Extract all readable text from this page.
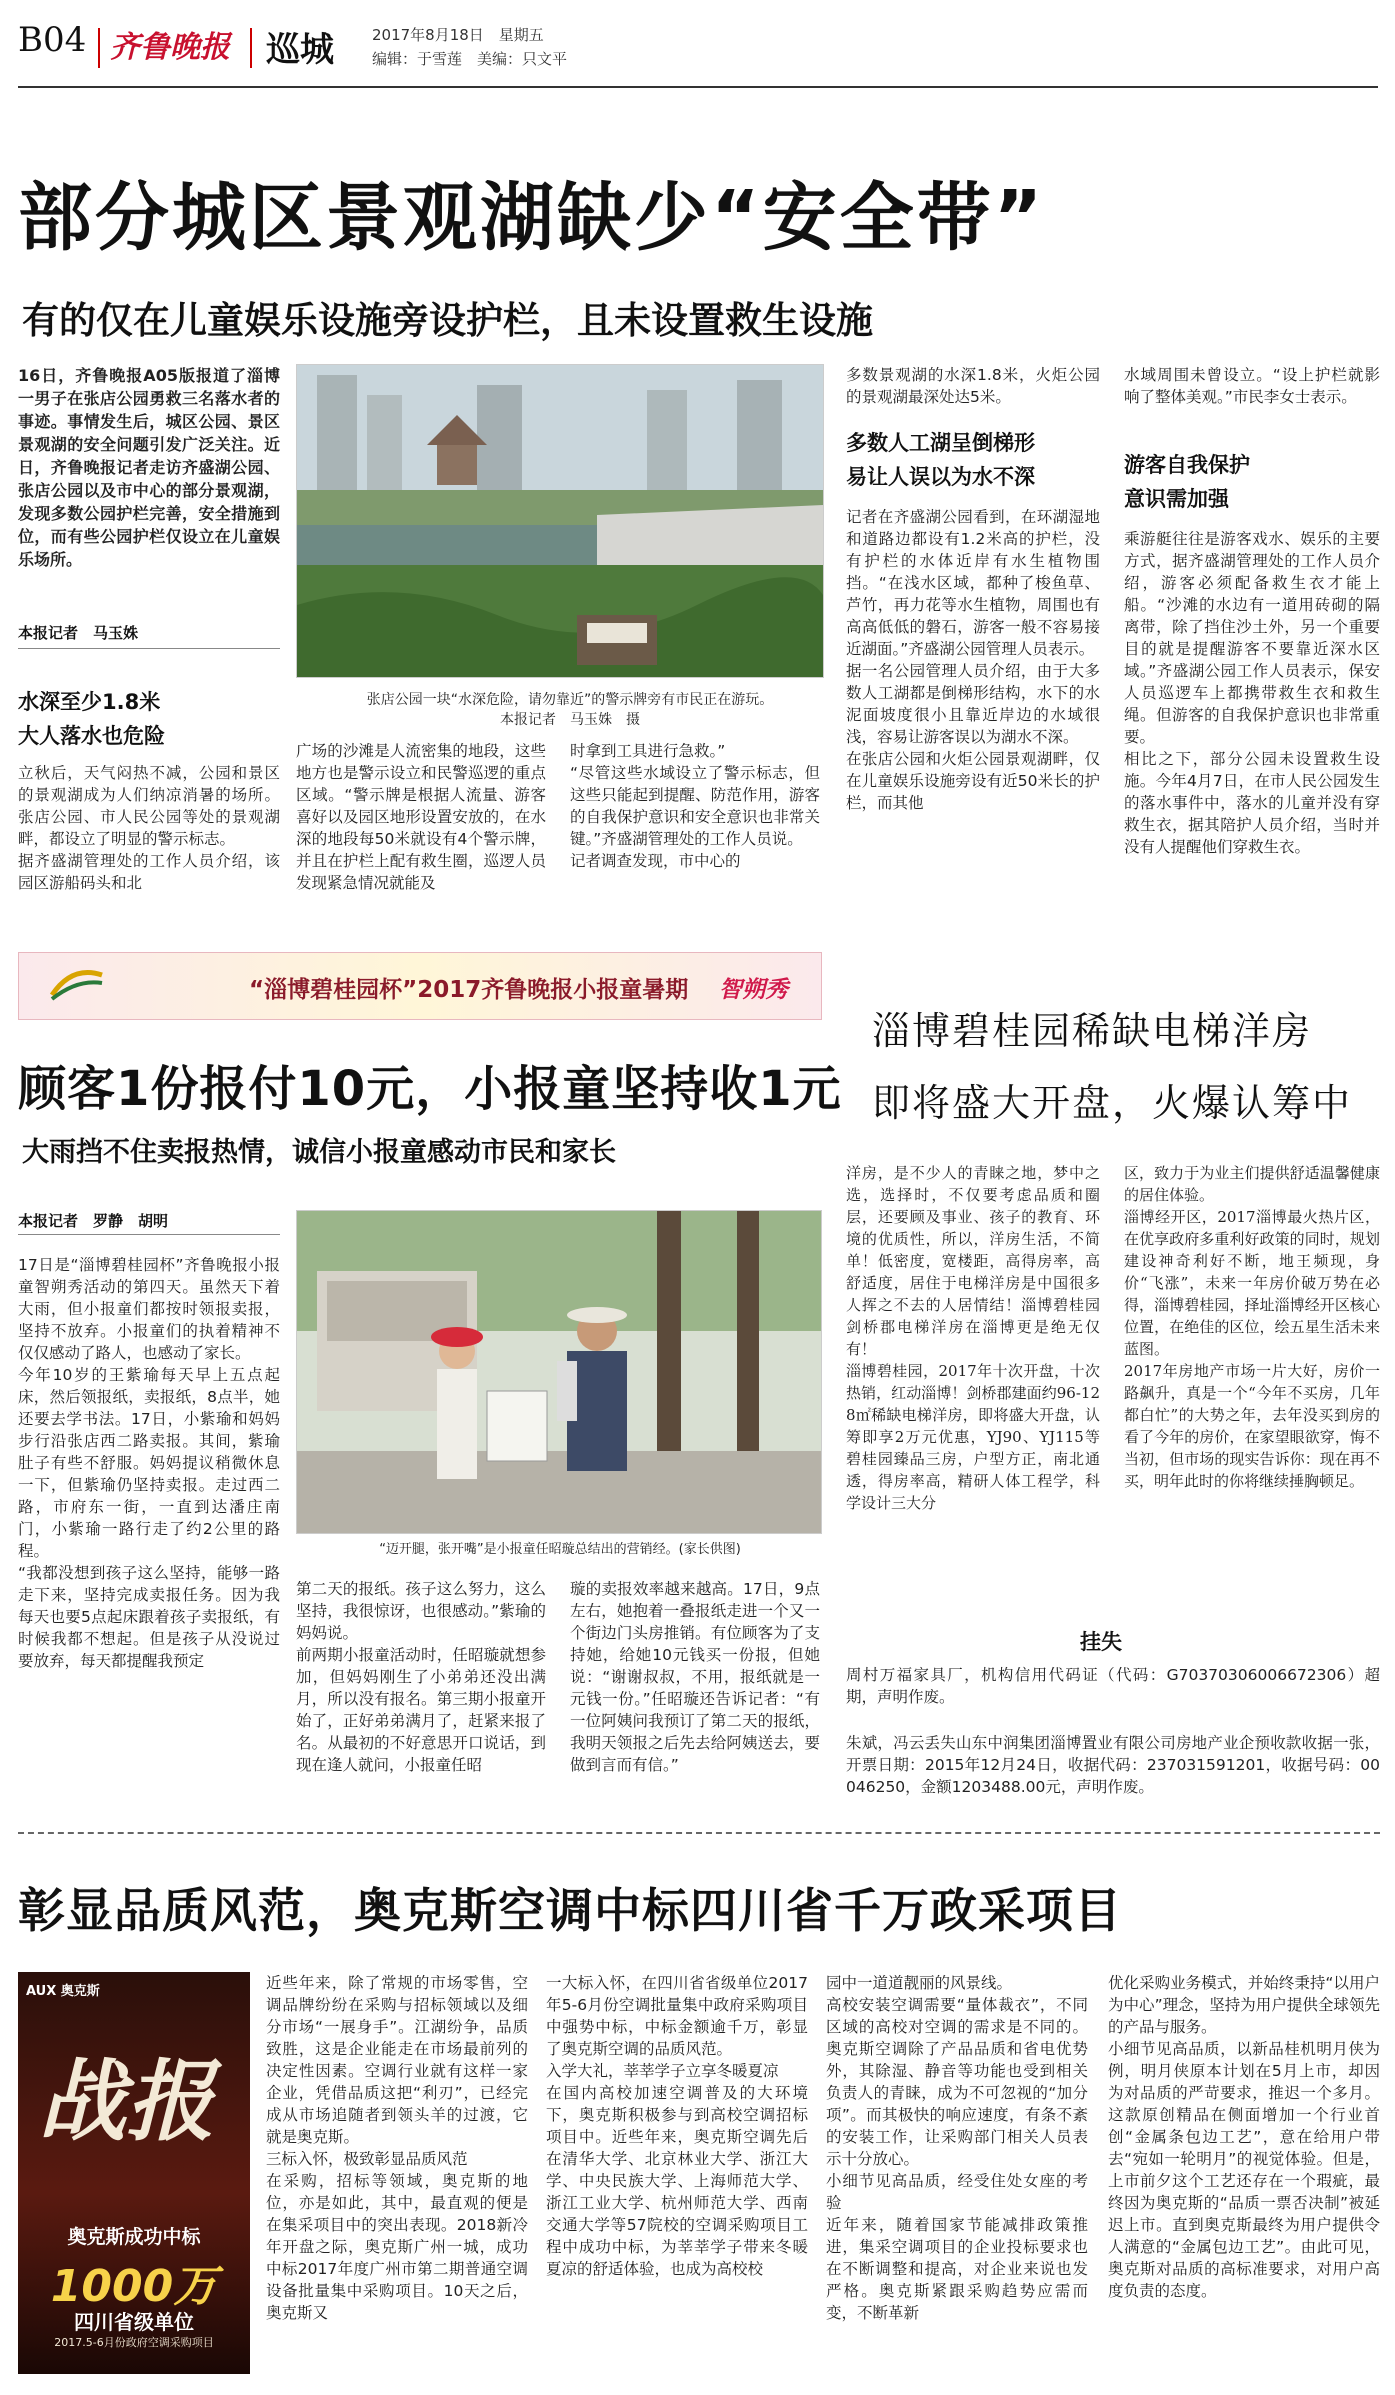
B04 齐鲁晚报 巡城	2017年8月18日　星期五
编辑：于雪莲　美编：只文平
部分城区景观湖缺少“安全带”
有的仅在儿童娱乐设施旁设护栏，且未设置救生设施
16日，齐鲁晚报A05版报道了淄博一男子在张店公园勇救三名落水者的事迹。事情发生后，城区公园、景区景观湖的安全问题引发广泛关注。近日，齐鲁晚报记者走访齐盛湖公园、张店公园以及市中心的部分景观湖，发现多数公园护栏完善，安全措施到位，而有些公园护栏仅设立在儿童娱乐场所。
本报记者　马玉姝
水深至少1.8米
大人落水也危险
立秋后，天气闷热不减，公园和景区的景观湖成为人们纳凉消暑的场所。张店公园、市人民公园等处的景观湖畔，都设立了明显的警示标志。
据齐盛湖管理处的工作人员介绍，该园区游船码头和北
张店公园一块“水深危险，请勿靠近”的警示牌旁有市民正在游玩。
本报记者　马玉姝　摄
广场的沙滩是人流密集的地段，这些地方也是警示设立和民警巡逻的重点区域。“警示牌是根据人流量、游客喜好以及园区地形设置安放的，在水深的地段每50米就设有4个警示牌，并且在护栏上配有救生圈，巡逻人员发现紧急情况就能及
时拿到工具进行急救。”
“尽管这些水域设立了警示标志，但这些只能起到提醒、防范作用，游客的自我保护意识和安全意识也非常关键。”齐盛湖管理处的工作人员说。
记者调查发现，市中心的
多数景观湖的水深1.8米，火炬公园的景观湖最深处达5米。
多数人工湖呈倒梯形
易让人误以为水不深
记者在齐盛湖公园看到，在环湖湿地和道路边都设有1.2米高的护栏，没有护栏的水体近岸有水生植物围挡。“在浅水区域，都种了梭鱼草、芦竹，再力花等水生植物，周围也有高高低低的磐石，游客一般不容易接近湖面。”齐盛湖公园管理人员表示。
据一名公园管理人员介绍，由于大多数人工湖都是倒梯形结构，水下的水泥面坡度很小且靠近岸边的水域很浅，容易让游客误以为湖水不深。
在张店公园和火炬公园景观湖畔，仅在儿童娱乐设施旁设有近50米长的护栏，而其他
水域周围未曾设立。“设上护栏就影响了整体美观。”市民李女士表示。
游客自我保护
意识需加强
乘游艇往往是游客戏水、娱乐的主要方式，据齐盛湖管理处的工作人员介绍，游客必须配备救生衣才能上船。“沙滩的水边有一道用砖砌的隔离带，除了挡住沙土外，另一个重要目的就是提醒游客不要靠近深水区域。”齐盛湖公园工作人员表示，保安人员巡逻车上都携带救生衣和救生绳。但游客的自我保护意识也非常重要。
相比之下，部分公园未设置救生设施。今年4月7日，在市人民公园发生的落水事件中，落水的儿童并没有穿救生衣，据其陪护人员介绍，当时并没有人提醒他们穿救生衣。
“淄博碧桂园杯”2017齐鲁晚报小报童暑期 智朔秀
顾客1份报付10元，小报童坚持收1元
大雨挡不住卖报热情，诚信小报童感动市民和家长
本报记者　罗静　胡明
17日是“淄博碧桂园杯”齐鲁晚报小报童智朔秀活动的第四天。虽然天下着大雨，但小报童们都按时领报卖报，坚持不放弃。小报童们的执着精神不仅仅感动了路人，也感动了家长。
今年10岁的王紫瑜每天早上五点起床，然后领报纸，卖报纸，8点半，她还要去学书法。17日，小紫瑜和妈妈步行沿张店西二路卖报。其间，紫瑜肚子有些不舒服。妈妈提议稍微休息一下，但紫瑜仍坚持卖报。走过西二路，市府东一街，一直到达潘庄南门，小紫瑜一路行走了约2公里的路程。
“我都没想到孩子这么坚持，能够一路走下来，坚持完成卖报任务。因为我每天也要5点起床跟着孩子卖报纸，有时候我都不想起。但是孩子从没说过要放弃，每天都提醒我预定
“迈开腿，张开嘴”是小报童任昭璇总结出的营销经。(家长供图)
第二天的报纸。孩子这么努力，这么坚持，我很惊讶，也很感动。”紫瑜的妈妈说。
前两期小报童活动时，任昭璇就想参加，但妈妈刚生了小弟弟还没出满月，所以没有报名。第三期小报童开始了，正好弟弟满月了，赶紧来报了名。从最初的不好意思开口说话，到现在逢人就问，小报童任昭
璇的卖报效率越来越高。17日，9点左右，她抱着一叠报纸走进一个又一个街边门头房推销。有位顾客为了支持她，给她10元钱买一份报，但她说：“谢谢叔叔，不用，报纸就是一元钱一份。”任昭璇还告诉记者：“有一位阿姨问我预订了第二天的报纸，我明天领报之后先去给阿姨送去，要做到言而有信。”
淄博碧桂园稀缺电梯洋房
即将盛大开盘，火爆认筹中
洋房，是不少人的青睐之地，梦中之选，选择时，不仅要考虑品质和圈层，还要顾及事业、孩子的教育、环境的优质性，所以，洋房生活，不简单！低密度，宽楼距，高得房率，高舒适度，居住于电梯洋房是中国很多人挥之不去的人居情结！淄博碧桂园剑桥郡电梯洋房在淄博更是绝无仅有！
淄博碧桂园，2017年十次开盘，十次热销，红动淄博！剑桥郡建面约96-128㎡稀缺电梯洋房，即将盛大开盘，认筹即享2万元优惠，YJ90、YJ115等碧桂园臻品三房，户型方正，南北通透，得房率高，精研人体工程学，科学设计三大分
区，致力于为业主们提供舒适温馨健康的居住体验。
淄博经开区，2017淄博最火热片区，在优享政府多重利好政策的同时，规划建设神奇利好不断，地王频现，身价“飞涨”，未来一年房价破万势在必得，淄博碧桂园，择址淄博经开区核心位置，在绝佳的区位，绘五星生活未来蓝图。
2017年房地产市场一片大好，房价一路飙升，真是一个“今年不买房，几年都白忙”的大势之年，去年没买到房的看了今年的房价，在家望眼欲穿，悔不当初，但市场的现实告诉你：现在再不买，明年此时的你将继续捶胸顿足。
挂失
周村万福家具厂，机构信用代码证（代码：G70370306006672306）超期，声明作废。
朱斌，冯云丢失山东中润集团淄博置业有限公司房地产业企预收款收据一张，开票日期：2015年12月24日，收据代码：237031591201，收据号码：00046250，金额1203488.00元，声明作废。
彰显品质风范，奥克斯空调中标四川省千万政采项目
AUX 奥克斯
战报
奥克斯成功中标
1000万
四川省级单位
2017.5-6月份政府空调采购项目
近些年来，除了常规的市场零售，空调品牌纷纷在采购与招标领域以及细分市场“一展身手”。江湖纷争，品质致胜，这是企业能走在市场最前列的决定性因素。空调行业就有这样一家企业，凭借品质这把“利刃”，已经完成从市场追随者到领头羊的过渡，它就是奥克斯。
三标入怀，极致彰显品质风范
在采购，招标等领域，奥克斯的地位，亦是如此，其中，最直观的便是在集采项目中的突出表现。2018新冷年开盘之际，奥克斯广州一城，成功中标2017年度广州市第二期普通空调设备批量集中采购项目。10天之后，奥克斯又
一大标入怀，在四川省省级单位2017年5-6月份空调批量集中政府采购项目中强势中标，中标金额逾千万，彰显了奥克斯空调的品质风范。
入学大礼，莘莘学子立享冬暖夏凉
在国内高校加速空调普及的大环境下，奥克斯积极参与到高校空调招标项目中。近些年来，奥克斯空调先后在清华大学、北京林业大学、浙江大学、中央民族大学、上海师范大学、浙江工业大学、杭州师范大学、西南交通大学等57院校的空调采购项目工程中成功中标，为莘莘学子带来冬暖夏凉的舒适体验，也成为高校校
园中一道道靓丽的风景线。
高校安装空调需要“量体裁衣”，不同区域的高校对空调的需求是不同的。奥克斯空调除了产品品质和省电优势外，其除湿、静音等功能也受到相关负责人的青睐，成为不可忽视的“加分项”。而其极快的响应速度，有条不紊的安装工作，让采购部门相关人员表示十分放心。
小细节见高品质，经受住处女座的考验
近年来，随着国家节能减排政策推进，集采空调项目的企业投标要求也在不断调整和提高，对企业来说也发严格。奥克斯紧跟采购趋势应需而变，不断革新
优化采购业务模式，并始终秉持“以用户为中心”理念，坚持为用户提供全球领先的产品与服务。
小细节见高品质，以新品桂机明月侠为例，明月侠原本计划在5月上市，却因为对品质的严苛要求，推迟一个多月。这款原创精品在侧面增加一个行业首创“金属条包边工艺”，意在给用户带去“宛如一轮明月”的视觉体验。但是，上市前夕这个工艺还存在一个瑕疵，最终因为奥克斯的“品质一票否决制”被延迟上市。直到奥克斯最终为用户提供令人满意的“金属包边工艺”。由此可见，奥克斯对品质的高标准要求，对用户高度负责的态度。
